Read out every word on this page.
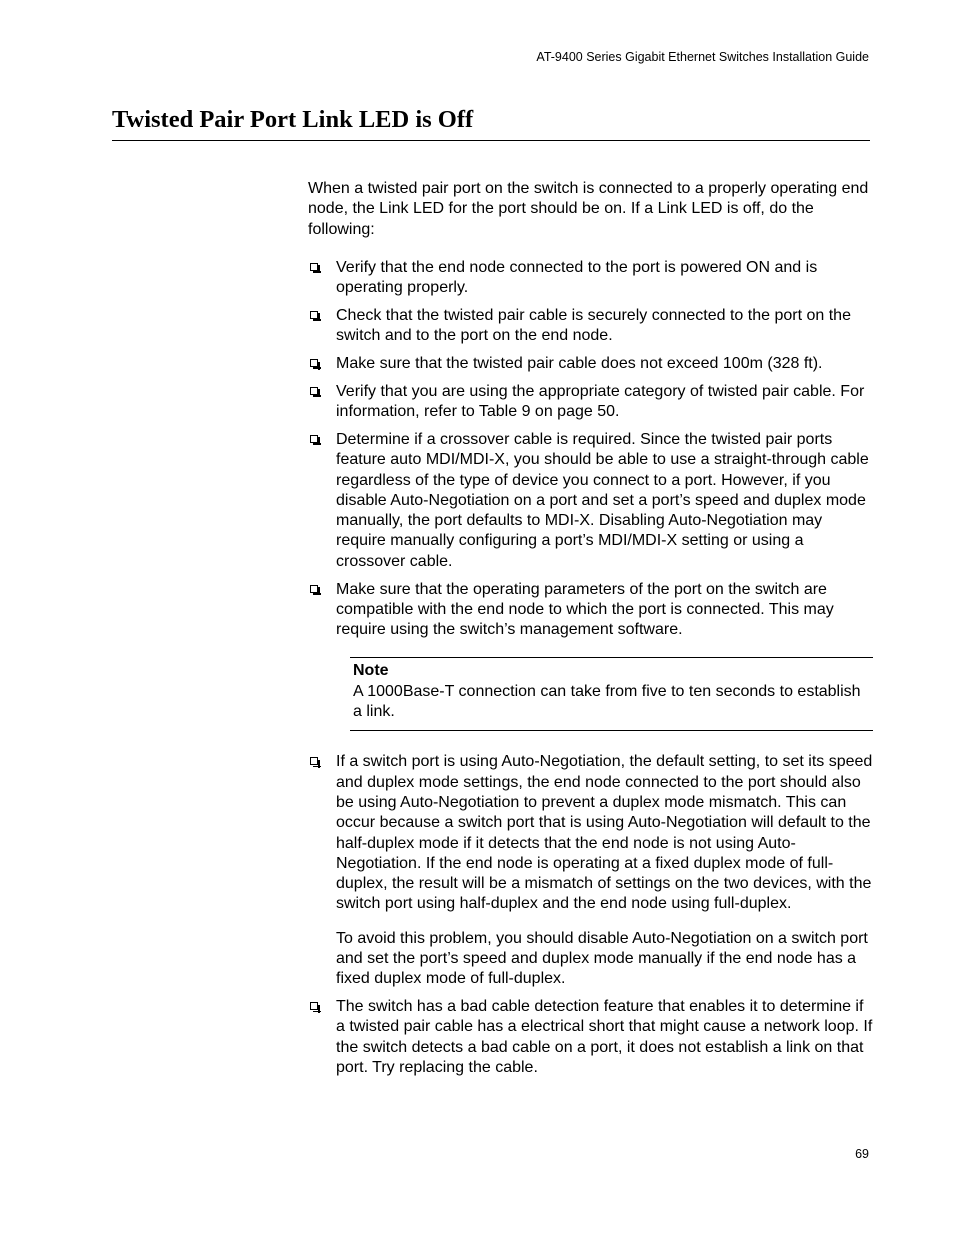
AT-9400 Series Gigabit Ethernet Switches Installation Guide
Twisted Pair Port Link LED is Off

When a twisted pair port on the switch is connected to a properly operating end node, the Link LED for the port should be on. If a Link LED is off, do the following:

Verify that the end node connected to the port is powered ON and is operating properly.

Check that the twisted pair cable is securely connected to the port on the switch and to the port on the end node.

Make sure that the twisted pair cable does not exceed 100m (328 ft).

Verify that you are using the appropriate category of twisted pair cable. For information, refer to Table 9 on page 50.

Determine if a crossover cable is required. Since the twisted pair ports feature auto MDI/MDI-X, you should be able to use a straight-through cable regardless of the type of device you connect to a port. However, if you disable Auto-Negotiation on a port and set a port’s speed and duplex mode manually, the port defaults to MDI-X. Disabling Auto-Negotiation may require manually configuring a port’s MDI/MDI-X setting or using a crossover cable.

Make sure that the operating parameters of the port on the switch are compatible with the end node to which the port is connected. This may require using the switch’s management software.

Note
A 1000Base-T connection can take from five to ten seconds to establish a link.

If a switch port is using Auto-Negotiation, the default setting, to set its speed and duplex mode settings, the end node connected to the port should also be using Auto-Negotiation to prevent a duplex mode mismatch. This can occur because a switch port that is using Auto-Negotiation will default to the half-duplex mode if it detects that the end node is not using Auto-Negotiation. If the end node is operating at a fixed duplex mode of full-duplex, the result will be a mismatch of settings on the two devices, with the switch port using half-duplex and the end node using full-duplex.

To avoid this problem, you should disable Auto-Negotiation on a switch port and set the port’s speed and duplex mode manually if the end node has a fixed duplex mode of full-duplex.

The switch has a bad cable detection feature that enables it to determine if a twisted pair cable has a electrical short that might cause a network loop. If the switch detects a bad cable on a port, it does not establish a link on that port. Try replacing the cable.

69
